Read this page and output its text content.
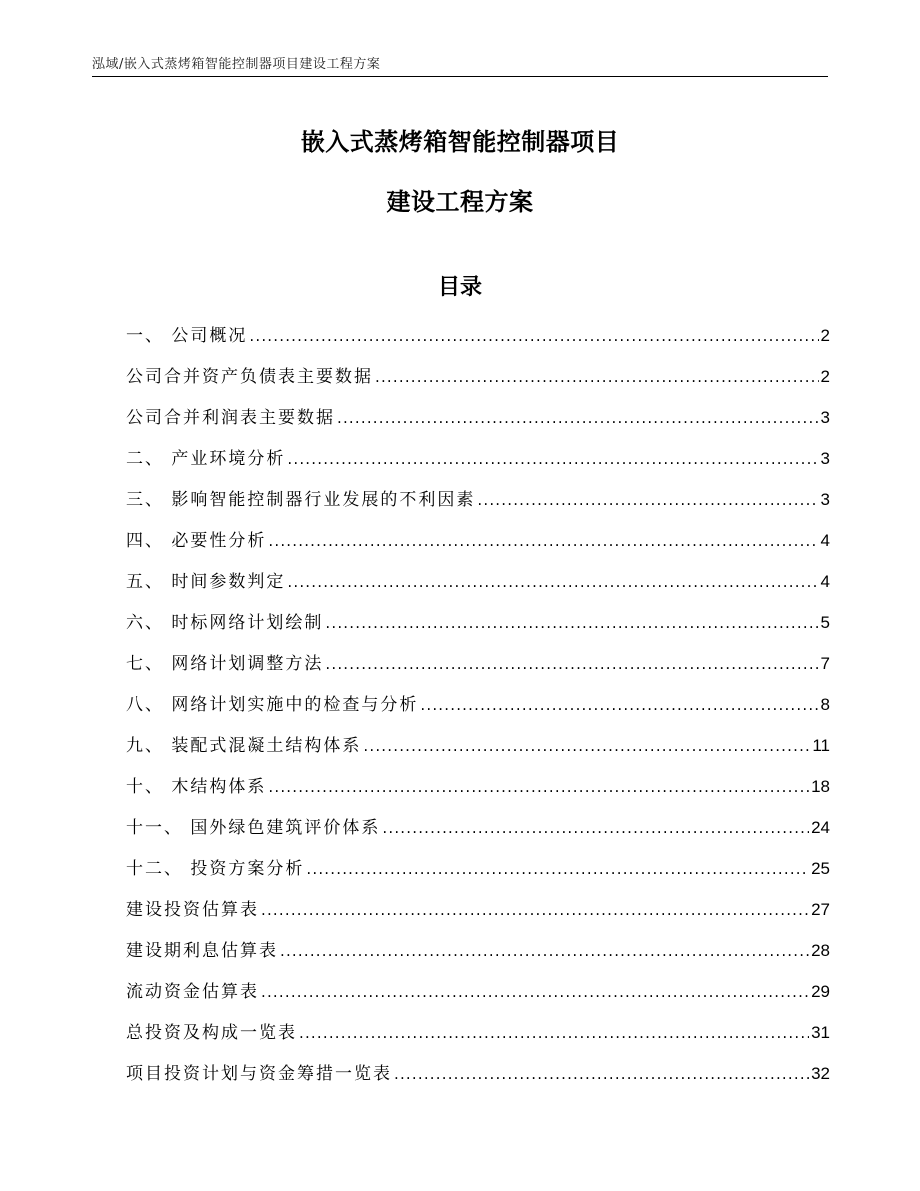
泓域/嵌入式蒸烤箱智能控制器项目建设工程方案
嵌入式蒸烤箱智能控制器项目
建设工程方案
目录
一、 公司概况 .....	2
公司合并资产负债表主要数据 .....	2
公司合并利润表主要数据 .....	3
二、 产业环境分析 .....	3
三、 影响智能控制器行业发展的不利因素 .....	3
四、 必要性分析 .....	4
五、 时间参数判定 .....	4
六、 时标网络计划绘制 .....	5
七、 网络计划调整方法 .....	7
八、 网络计划实施中的检查与分析 .....	8
九、 装配式混凝土结构体系 .....	11
十、 木结构体系 .....	18
十一、 国外绿色建筑评价体系 .....	24
十二、 投资方案分析 .....	25
建设投资估算表 .....	27
建设期利息估算表 .....	28
流动资金估算表 .....	29
总投资及构成一览表 .....	31
项目投资计划与资金筹措一览表 .....	32
